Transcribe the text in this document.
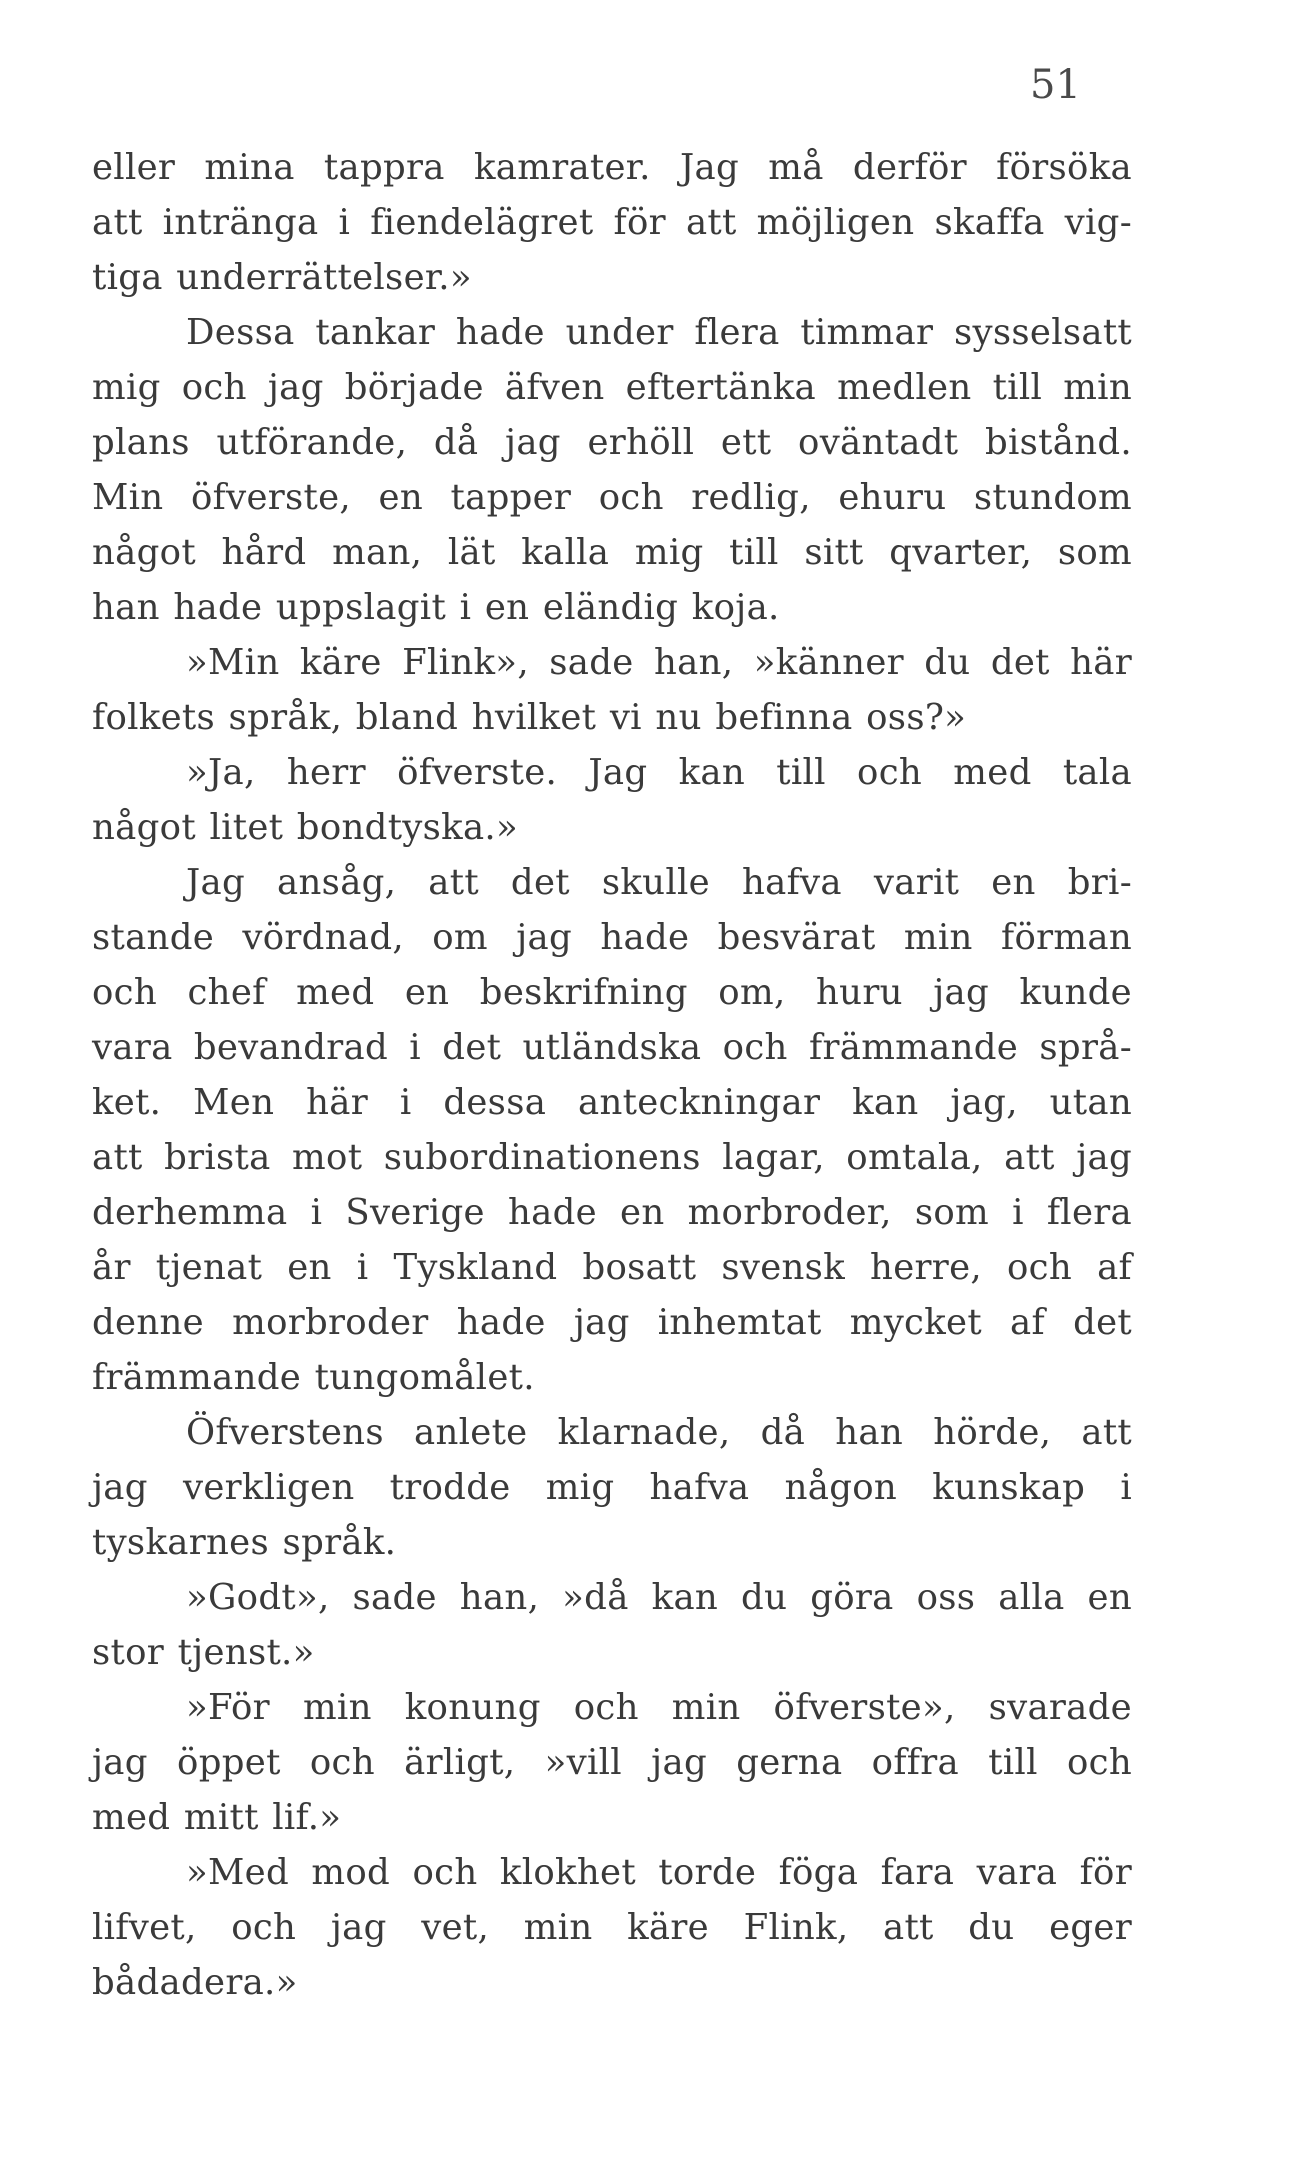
51
eller mina tappra kamrater. Jag må derför försöka
att intränga i fiendelägret för att möjligen skaffa vig-
tiga underrättelser.»
Dessa tankar hade under flera timmar sysselsatt
mig och jag började äfven eftertänka medlen till min
plans utförande, då jag erhöll ett oväntadt bistånd.
Min öfverste, en tapper och redlig, ehuru stundom
något hård man, lät kalla mig till sitt qvarter, som
han hade uppslagit i en eländig koja.
»Min käre Flink», sade han, »känner du det här
folkets språk, bland hvilket vi nu befinna oss?»
»Ja, herr öfverste. Jag kan till och med tala
något litet bondtyska.»
Jag ansåg, att det skulle hafva varit en bri-
stande vördnad, om jag hade besvärat min förman
och chef med en beskrifning om, huru jag kunde
vara bevandrad i det utländska och främmande språ-
ket. Men här i dessa anteckningar kan jag, utan
att brista mot subordinationens lagar, omtala, att jag
derhemma i Sverige hade en morbroder, som i flera
år tjenat en i Tyskland bosatt svensk herre, och af
denne morbroder hade jag inhemtat mycket af det
främmande tungomålet.
Öfverstens anlete klarnade, då han hörde, att
jag verkligen trodde mig hafva någon kunskap i
tyskarnes språk.
»Godt», sade han, »då kan du göra oss alla en
stor tjenst.»
»För min konung och min öfverste», svarade
jag öppet och ärligt, »vill jag gerna offra till och
med mitt lif.»
»Med mod och klokhet torde föga fara vara för
lifvet, och jag vet, min käre Flink, att du eger
bådadera.»
